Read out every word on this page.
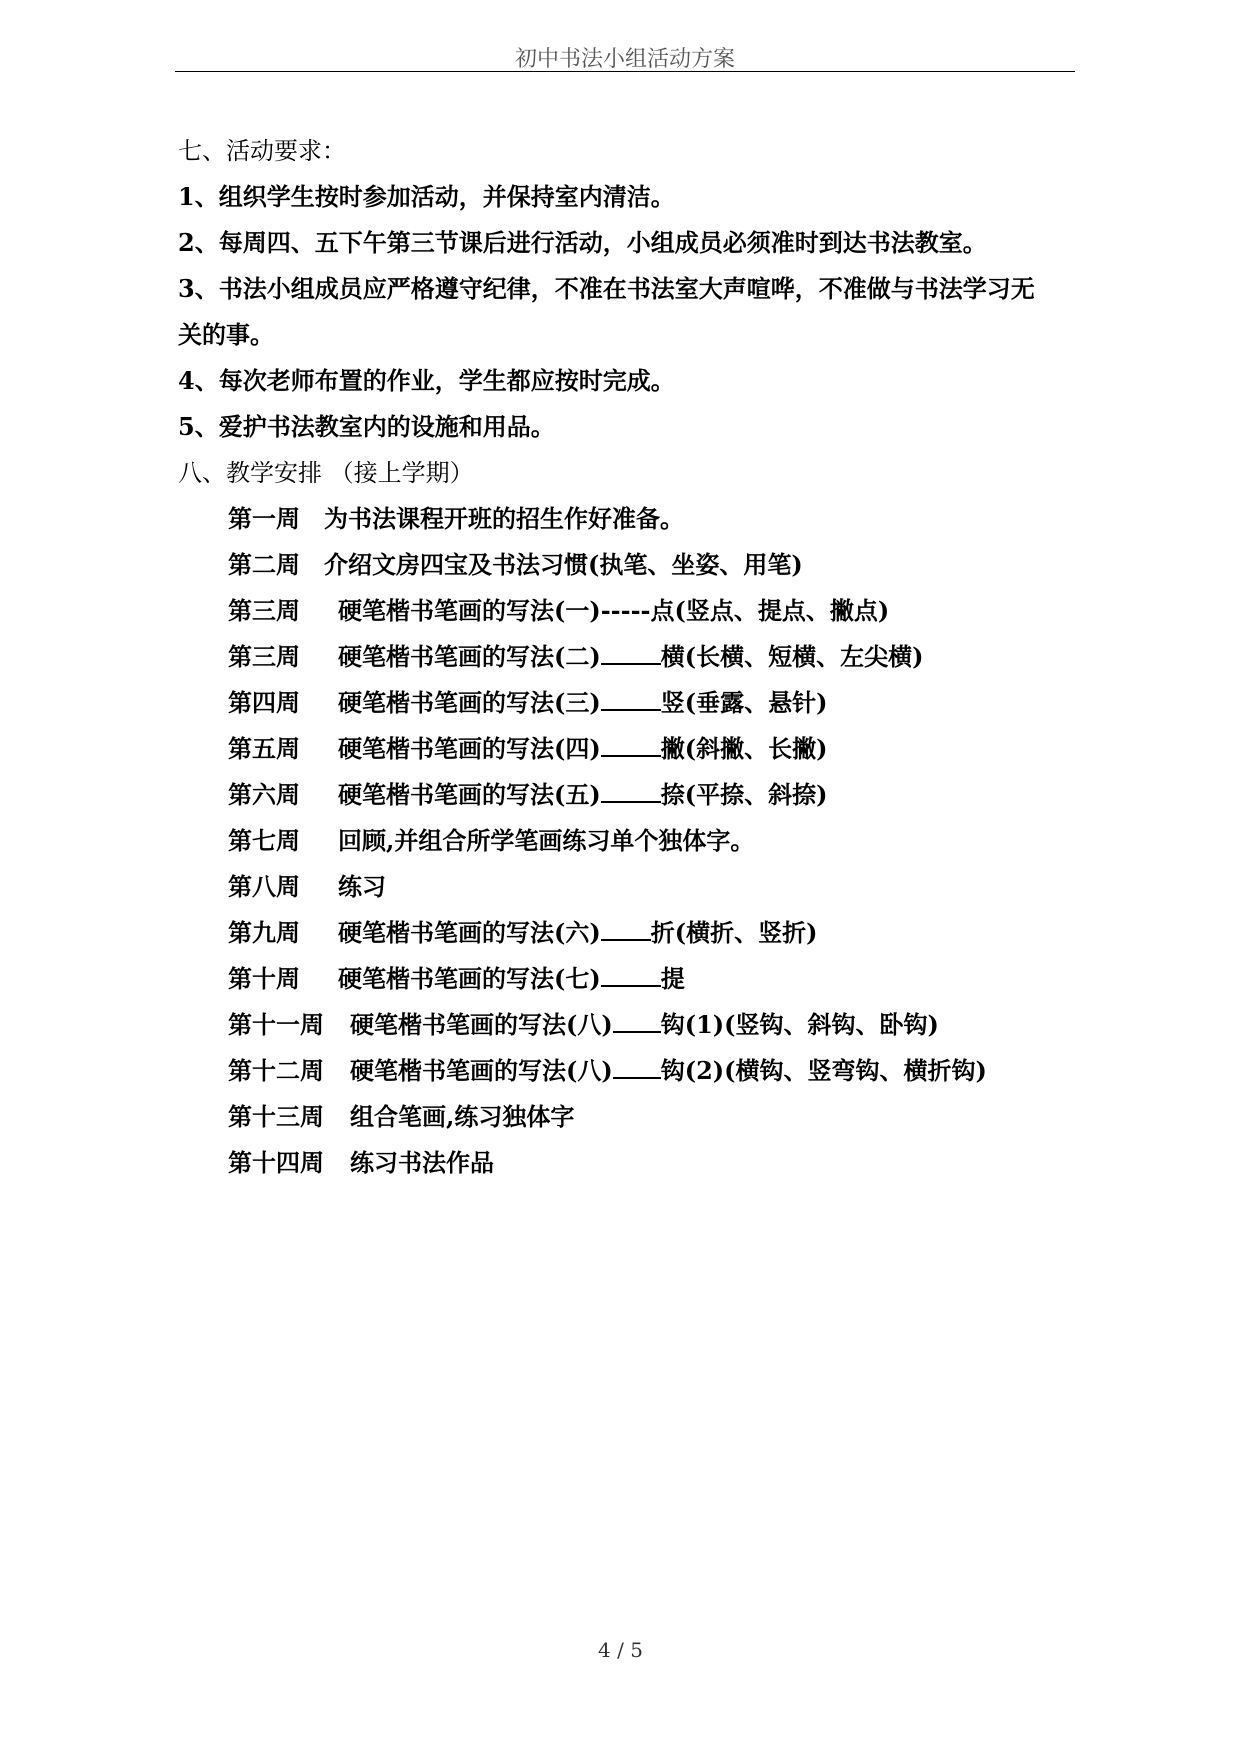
初中书法小组活动方案
七、活动要求：
1、组织学生按时参加活动，并保持室内清洁。
2、每周四、五下午第三节课后进行活动，小组成员必须准时到达书法教室。
3、书法小组成员应严格遵守纪律，不准在书法室大声喧哗，不准做与书法学习无
关的事。
4、每次老师布置的作业，学生都应按时完成。
5、爱护书法教室内的设施和用品。
八、教学安排 （接上学期）
第一周 为书法课程开班的招生作好准备。
第二周 介绍文房四宝及书法习惯(执笔、坐姿、用笔)
第三周 硬笔楷书笔画的写法(一)-----点(竖点、提点、撇点)
第三周 硬笔楷书笔画的写法(二)	横(长横、短横、左尖横)
第四周 硬笔楷书笔画的写法(三)	竖(垂露、悬针)
第五周 硬笔楷书笔画的写法(四)	撇(斜撇、长撇)
第六周 硬笔楷书笔画的写法(五)	捺(平捺、斜捺)
第七周 回顾,并组合所学笔画练习单个独体字。
第八周 练习
第九周 硬笔楷书笔画的写法(六) 折(横折、竖折)
第十周 硬笔楷书笔画的写法(七)	提
第十一周 硬笔楷书笔画的写法(八) 钩(1)(竖钩、斜钩、卧钩)
第十二周 硬笔楷书笔画的写法(八) 钩(2)(横钩、竖弯钩、横折钩)
第十三周 组合笔画,练习独体字
第十四周 练习书法作品
4 / 5
